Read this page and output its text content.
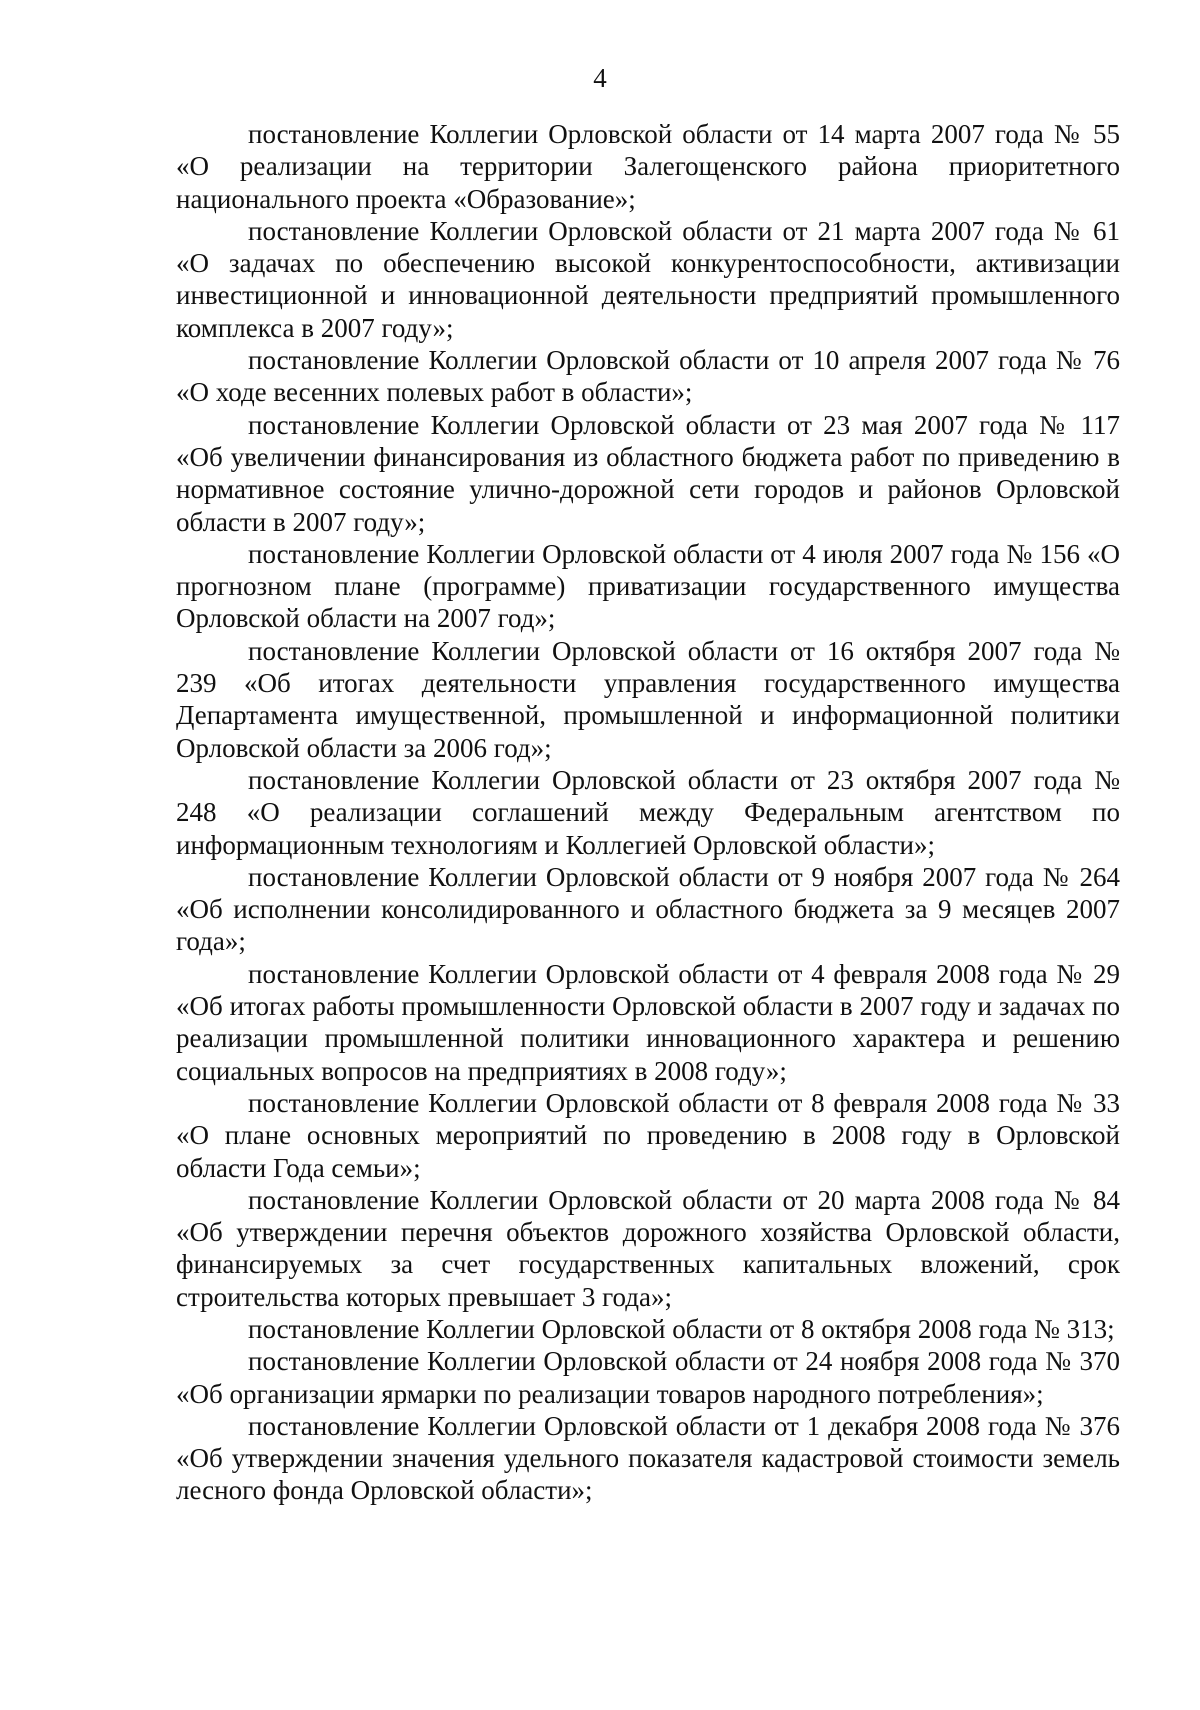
4

постановление Коллегии Орловской области от 14 марта 2007 года № 55 «О реализации на территории Залегощенского района приоритетного национального проекта «Образование»;

постановление Коллегии Орловской области от 21 марта 2007 года № 61 «О задачах по обеспечению высокой конкурентоспособности, активизации инвестиционной и инновационной деятельности предприятий промышленного комплекса в 2007 году»;

постановление Коллегии Орловской области от 10 апреля 2007 года № 76 «О ходе весенних полевых работ в области»;

постановление Коллегии Орловской области от 23 мая 2007 года № 117 «Об увеличении финансирования из областного бюджета работ по приведению в нормативное состояние улично-дорожной сети городов и районов Орловской области в 2007 году»;

постановление Коллегии Орловской области от 4 июля 2007 года № 156 «О прогнозном плане (программе) приватизации государственного имущества Орловской области на 2007 год»;

постановление Коллегии Орловской области от 16 октября 2007 года № 239 «Об итогах деятельности управления государственного имущества Департамента имущественной, промышленной и информационной политики Орловской области за 2006 год»;

постановление Коллегии Орловской области от 23 октября 2007 года № 248 «О реализации соглашений между Федеральным агентством по информационным технологиям и Коллегией Орловской области»;

постановление Коллегии Орловской области от 9 ноября 2007 года № 264 «Об исполнении консолидированного и областного бюджета за 9 месяцев 2007 года»;

постановление Коллегии Орловской области от 4 февраля 2008 года № 29 «Об итогах работы промышленности Орловской области в 2007 году и задачах по реализации промышленной политики инновационного характера и решению социальных вопросов на предприятиях в 2008 году»;

постановление Коллегии Орловской области от 8 февраля 2008 года № 33 «О плане основных мероприятий по проведению в 2008 году в Орловской области Года семьи»;

постановление Коллегии Орловской области от 20 марта 2008 года № 84 «Об утверждении перечня объектов дорожного хозяйства Орловской области, финансируемых за счет государственных капитальных вложений, срок строительства которых превышает 3 года»;

постановление Коллегии Орловской области от 8 октября 2008 года № 313;

постановление Коллегии Орловской области от 24 ноября 2008 года № 370 «Об организации ярмарки по реализации товаров народного потребления»;

постановление Коллегии Орловской области от 1 декабря 2008 года № 376 «Об утверждении значения удельного показателя кадастровой стоимости земель лесного фонда Орловской области»;
